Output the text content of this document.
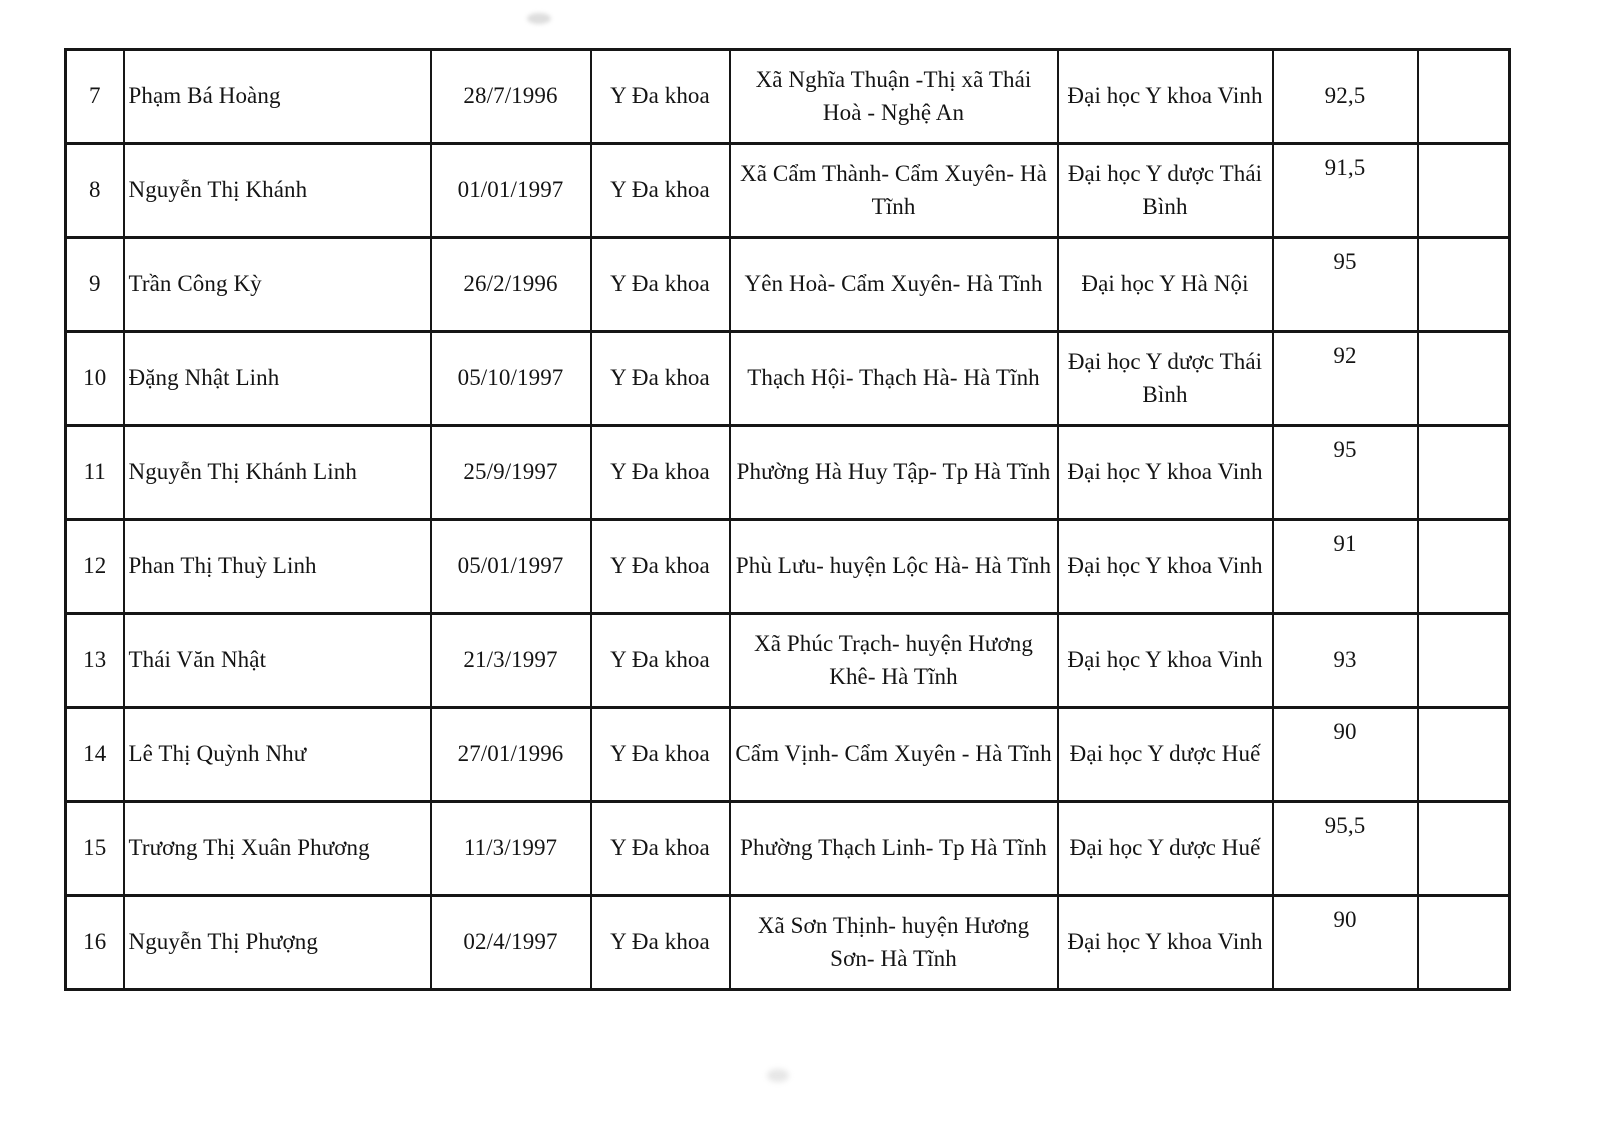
7	Phạm Bá Hoàng	28/7/1996	Y Đa khoa	Xã Nghĩa Thuận -Thị xã Thái Hoà - Nghệ An	Đại học Y khoa Vinh	92,5	
8	Nguyễn Thị Khánh	01/01/1997	Y Đa khoa	Xã Cẩm Thành- Cẩm Xuyên- Hà Tĩnh	Đại học Y dược Thái Bình	91,5	
9	Trần Công Kỳ	26/2/1996	Y Đa khoa	Yên Hoà- Cẩm Xuyên- Hà Tĩnh	Đại học Y Hà Nội	95	
10	Đặng Nhật Linh	05/10/1997	Y Đa khoa	Thạch Hội- Thạch Hà- Hà Tĩnh	Đại học Y dược Thái Bình	92	
11	Nguyễn Thị Khánh Linh	25/9/1997	Y Đa khoa	Phường Hà Huy Tập- Tp Hà Tĩnh	Đại học Y khoa Vinh	95	
12	Phan Thị Thuỳ Linh	05/01/1997	Y Đa khoa	Phù Lưu- huyện Lộc Hà- Hà Tĩnh	Đại học Y khoa Vinh	91	
13	Thái Văn Nhật	21/3/1997	Y Đa khoa	Xã Phúc Trạch- huyện Hương Khê- Hà Tĩnh	Đại học Y khoa Vinh	93	
14	Lê Thị Quỳnh Như	27/01/1996	Y Đa khoa	Cẩm Vịnh- Cẩm Xuyên - Hà Tĩnh	Đại học Y dược Huế	90	
15	Trương Thị Xuân Phương	11/3/1997	Y Đa khoa	Phường Thạch Linh- Tp Hà Tĩnh	Đại học Y dược Huế	95,5	
16	Nguyễn Thị Phượng	02/4/1997	Y Đa khoa	Xã Sơn Thịnh- huyện Hương Sơn- Hà Tĩnh	Đại học Y khoa Vinh	90	
